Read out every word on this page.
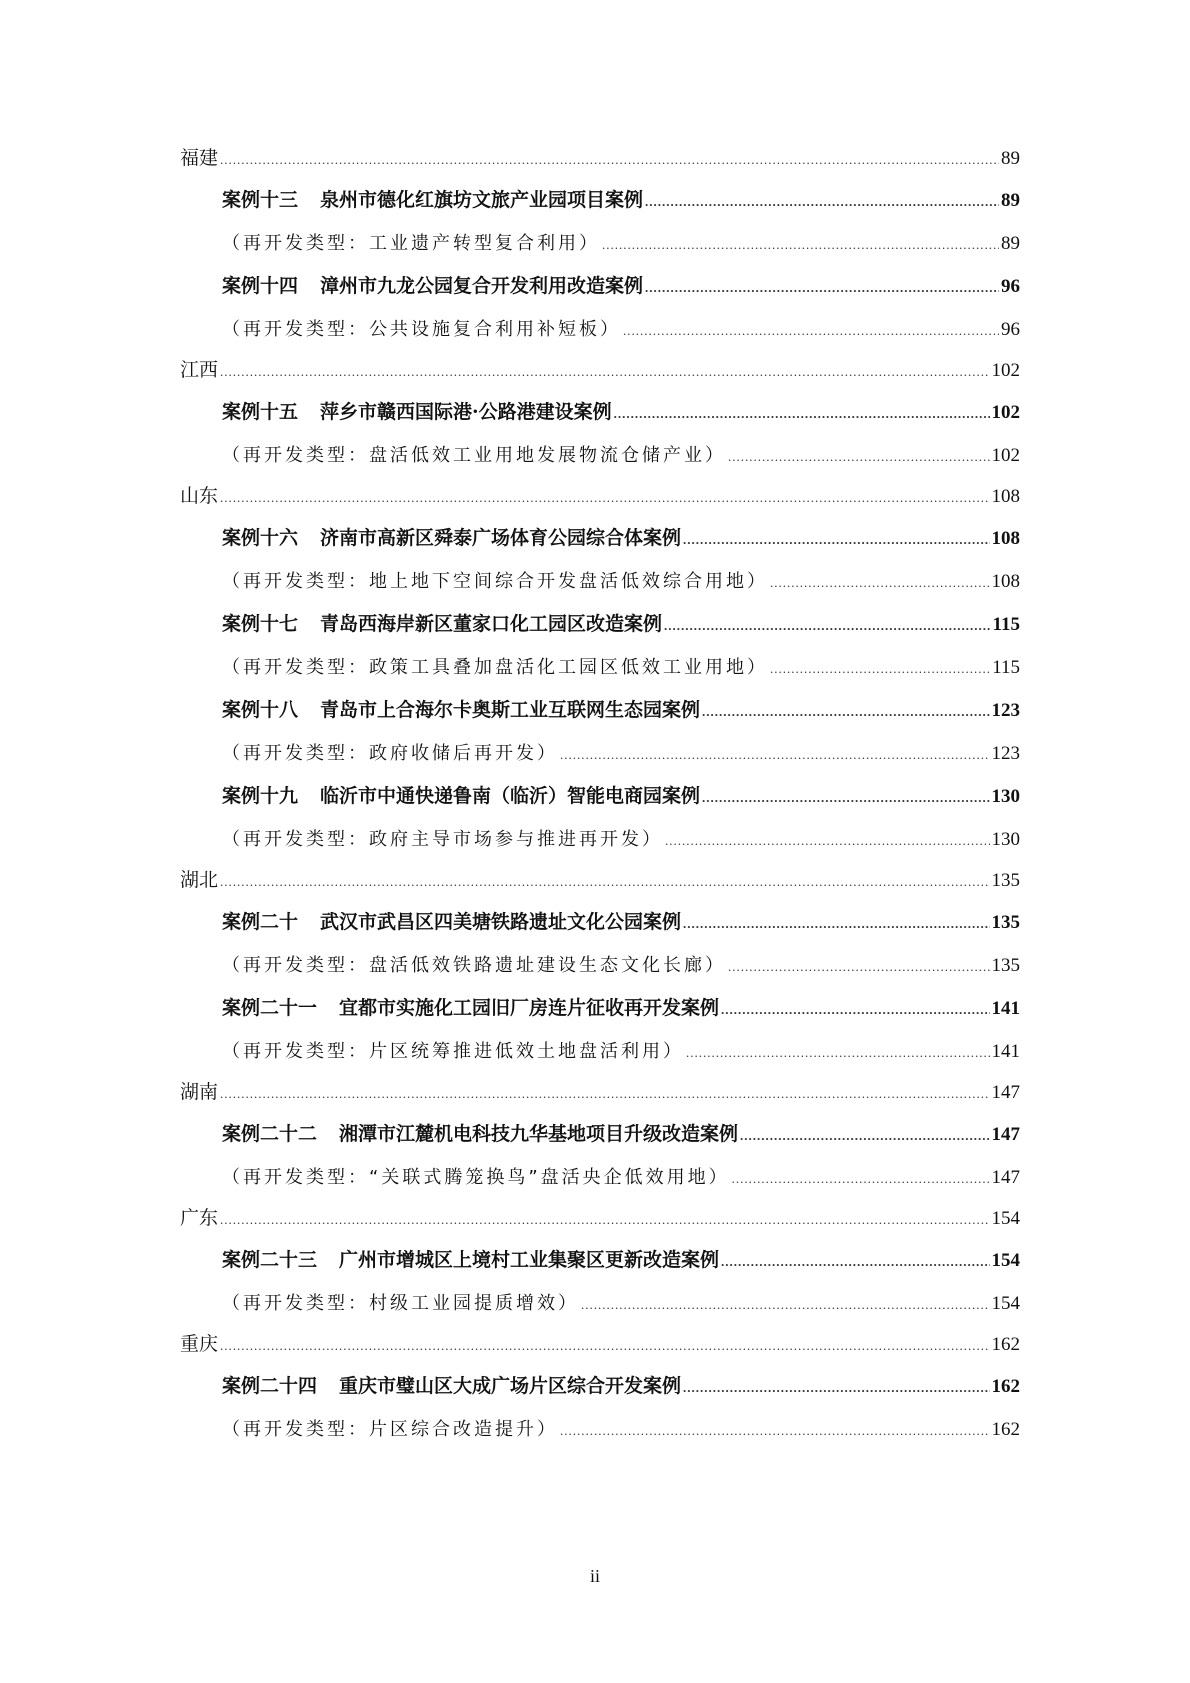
福建 .....	89
案例十三 泉州市德化红旗坊文旅产业园项目案例 .....	89
（再开发类型：工业遗产转型复合利用） .....	89
案例十四 漳州市九龙公园复合开发利用改造案例 .....	96
（再开发类型：公共设施复合利用补短板） .....	96
江西 .....	102
案例十五 萍乡市赣西国际港·公路港建设案例 .....	102
（再开发类型：盘活低效工业用地发展物流仓储产业） .....	102
山东 .....	108
案例十六 济南市高新区舜泰广场体育公园综合体案例 .....	108
（再开发类型：地上地下空间综合开发盘活低效综合用地） .....	108
案例十七 青岛西海岸新区董家口化工园区改造案例 .....	115
（再开发类型：政策工具叠加盘活化工园区低效工业用地） .....	115
案例十八 青岛市上合海尔卡奥斯工业互联网生态园案例 .....	123
（再开发类型：政府收储后再开发） .....	123
案例十九 临沂市中通快递鲁南（临沂）智能电商园案例 .....	130
（再开发类型：政府主导市场参与推进再开发） .....	130
湖北 .....	135
案例二十 武汉市武昌区四美塘铁路遗址文化公园案例 .....	135
（再开发类型：盘活低效铁路遗址建设生态文化长廊） .....	135
案例二十一 宜都市实施化工园旧厂房连片征收再开发案例 .....	141
（再开发类型：片区统筹推进低效土地盘活利用） .....	141
湖南 .....	147
案例二十二 湘潭市江麓机电科技九华基地项目升级改造案例 .....	147
（再开发类型：“关联式腾笼换鸟”盘活央企低效用地） .....	147
广东 .....	154
案例二十三 广州市增城区上境村工业集聚区更新改造案例 .....	154
（再开发类型：村级工业园提质增效） .....	154
重庆 .....	162
案例二十四 重庆市璧山区大成广场片区综合开发案例 .....	162
（再开发类型：片区综合改造提升） .....	162
ii
